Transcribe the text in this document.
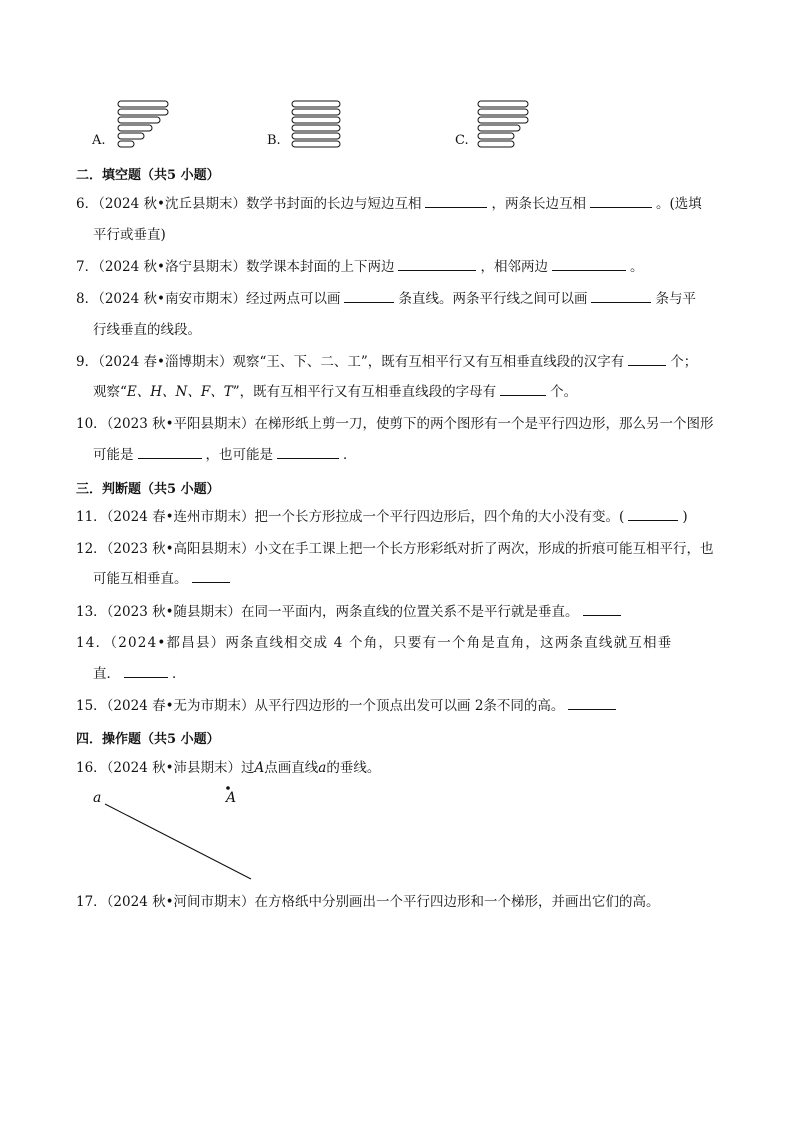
A.	B.	C.
二．填空题（共5 小题）
6．（2024 秋•沈丘县期末）数学书封面的长边与短边互相	，两条长边互相	。(选填
平行或垂直)
7．（2024 秋•洛宁县期末）数学课本封面的上下两边	，相邻两边	。
8．（2024 秋•南安市期末）经过两点可以画	条直线。两条平行线之间可以画	条与平
行线垂直的线段。
9．（2024 春•淄博期末）观察“王、下、二、工”，既有互相平行又有互相垂直线段的汉字有	个；
观察“E、H、N、F、T”，既有互相平行又有互相垂直线段的字母有	个。
10．（2023 秋•平阳县期末）在梯形纸上剪一刀，使剪下的两个图形有一个是平行四边形，那么另一个图形
可能是	，也可能是	．
三．判断题（共5 小题）
11．（2024 春•连州市期末）把一个长方形拉成一个平行四边形后，四个角的大小没有变。(	)
12．（2023 秋•高阳县期末）小文在手工课上把一个长方形彩纸对折了两次，形成的折痕可能互相平行，也
可能互相垂直。
13．（2023 秋•随县期末）在同一平面内，两条直线的位置关系不是平行就是垂直。
14．（2024•都昌县）两条直线相交成 4 个角，只要有一个角是直角，这两条直线就互相垂
直．	．
15．（2024 春•无为市期末）从平行四边形的一个顶点出发可以画 2条不同的高。
四．操作题（共5 小题）
16．（2024 秋•沛县期末）过A点画直线a的垂线。
a	A
17．（2024 秋•河间市期末）在方格纸中分别画出一个平行四边形和一个梯形，并画出它们的高。
